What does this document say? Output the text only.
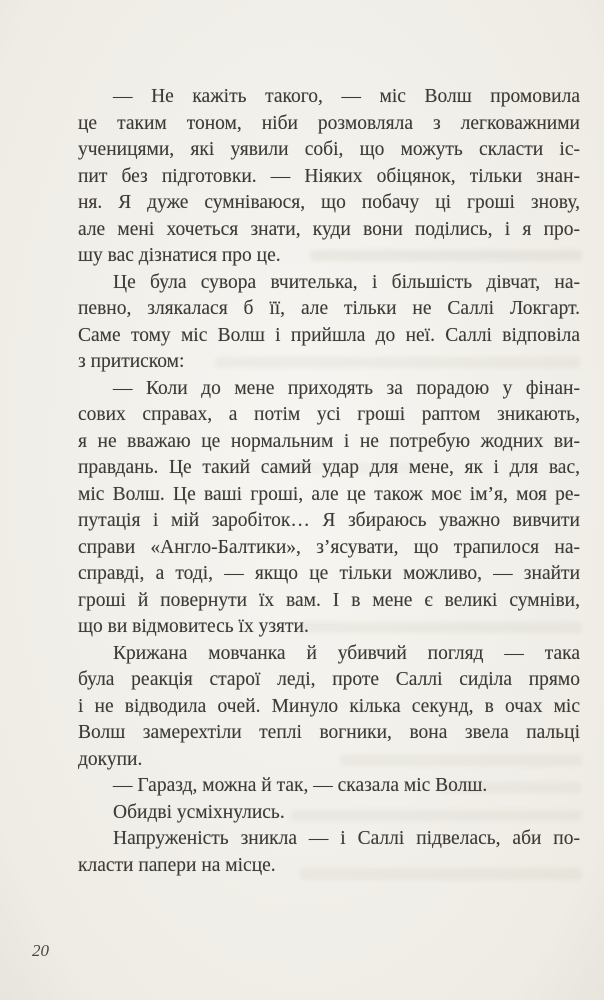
— Не кажіть такого, — міс Волш промовила
це таким тоном, ніби розмовляла з легковажними
ученицями, які уявили собі, що можуть скласти іс-
пит без підготовки. — Ніяких обіцянок, тільки знан-
ня. Я дуже сумніваюся, що побачу ці гроші знову,
але мені хочеться знати, куди вони поділись, і я про-
шу вас дізнатися про це.
Це була сувора вчителька, і більшість дівчат, на-
певно, злякалася б її, але тільки не Саллі Локгарт.
Саме тому міс Волш і прийшла до неї. Саллі відповіла
з притиском:
— Коли до мене приходять за порадою у фінан-
сових справах, а потім усі гроші раптом зникають,
я не вважаю це нормальним і не потребую жодних ви-
правдань. Це такий самий удар для мене, як і для вас,
міс Волш. Це ваші гроші, але це також моє ім’я, моя ре-
путація і мій заробіток… Я збираюсь уважно вивчити
справи «Англо-Балтики», з’ясувати, що трапилося на-
справді, а тоді, — якщо це тільки можливо, — знайти
гроші й повернути їх вам. І в мене є великі сумніви,
що ви відмовитесь їх узяти.
Крижана мовчанка й убивчий погляд — така
була реакція старої леді, проте Саллі сиділа прямо
і не відводила очей. Минуло кілька секунд, в очах міс
Волш замерехтіли теплі вогники, вона звела пальці
докупи.
— Гаразд, можна й так, — сказала міс Волш.
Обидві усміхнулись.
Напруженість зникла — і Саллі підвелась, аби по-
класти папери на місце.
20
